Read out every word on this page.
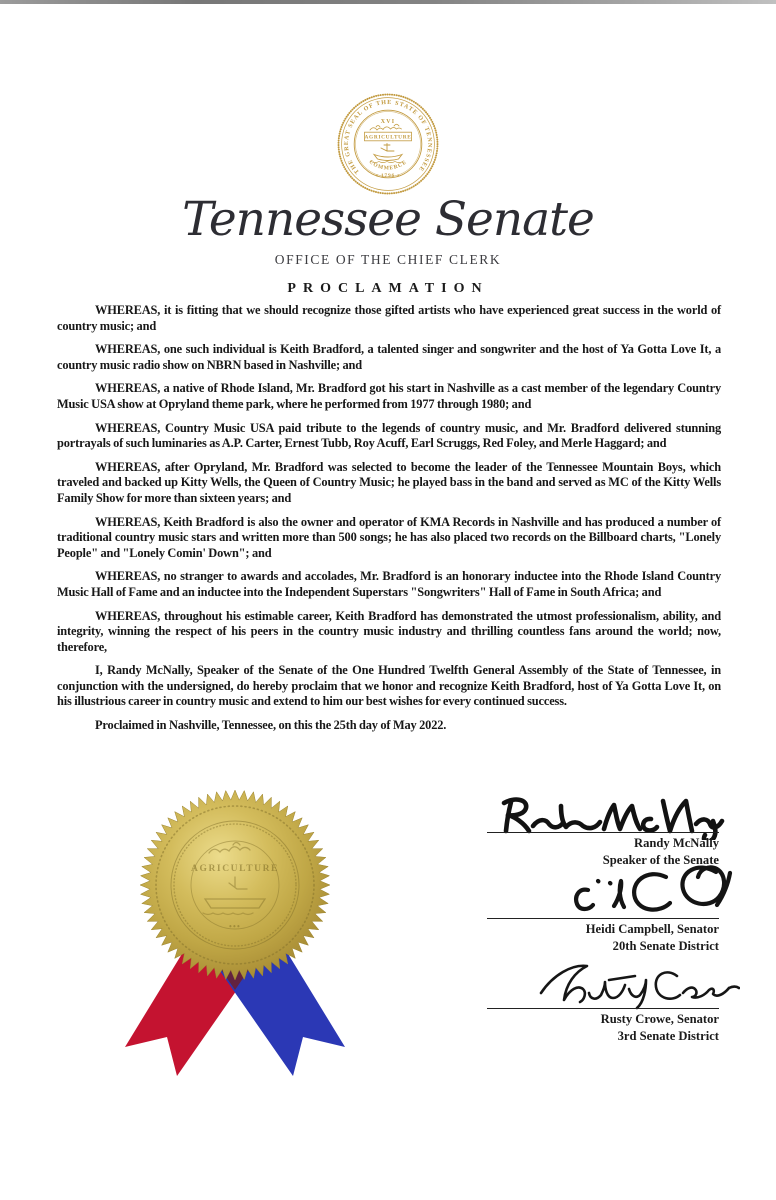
THE GREAT SEAL OF THE STATE OF TENNESSEE
XVI
AGRICULTURE
COMMERCE
• 1796 •
Tennessee Senate
OFFICE OF THE CHIEF CLERK
PROCLAMATION

WHEREAS, it is fitting that we should recognize those gifted artists who have experienced great success in the world of country music; and

WHEREAS, one such individual is Keith Bradford, a talented singer and songwriter and the host of Ya Gotta Love It, a country music radio show on NBRN based in Nashville; and

WHEREAS, a native of Rhode Island, Mr. Bradford got his start in Nashville as a cast member of the legendary Country Music USA show at Opryland theme park, where he performed from 1977 through 1980; and

WHEREAS, Country Music USA paid tribute to the legends of country music, and Mr. Bradford delivered stunning portrayals of such luminaries as A.P. Carter, Ernest Tubb, Roy Acuff, Earl Scruggs, Red Foley, and Merle Haggard; and

WHEREAS, after Opryland, Mr. Bradford was selected to become the leader of the Tennessee Mountain Boys, which traveled and backed up Kitty Wells, the Queen of Country Music; he played bass in the band and served as MC of the Kitty Wells Family Show for more than sixteen years; and

WHEREAS, Keith Bradford is also the owner and operator of KMA Records in Nashville and has produced a number of traditional country music stars and written more than 500 songs; he has also placed two records on the Billboard charts, "Lonely People" and "Lonely Comin' Down"; and

WHEREAS, no stranger to awards and accolades, Mr. Bradford is an honorary inductee into the Rhode Island Country Music Hall of Fame and an inductee into the Independent Superstars "Songwriters" Hall of Fame in South Africa; and

WHEREAS, throughout his estimable career, Keith Bradford has demonstrated the utmost professionalism, ability, and integrity, winning the respect of his peers in the country music industry and thrilling countless fans around the world; now, therefore,

I, Randy McNally, Speaker of the Senate of the One Hundred Twelfth General Assembly of the State of Tennessee, in conjunction with the undersigned, do hereby proclaim that we honor and recognize Keith Bradford, host of Ya Gotta Love It, on his illustrious career in country music and extend to him our best wishes for every continued success.

Proclaimed in Nashville, Tennessee, on this the 25th day of May 2022.

Randy McNally
Speaker of the Senate
Heidi Campbell, Senator
20th Senate District
Rusty Crowe, Senator
3rd Senate District
AGRICULTURE
•••
